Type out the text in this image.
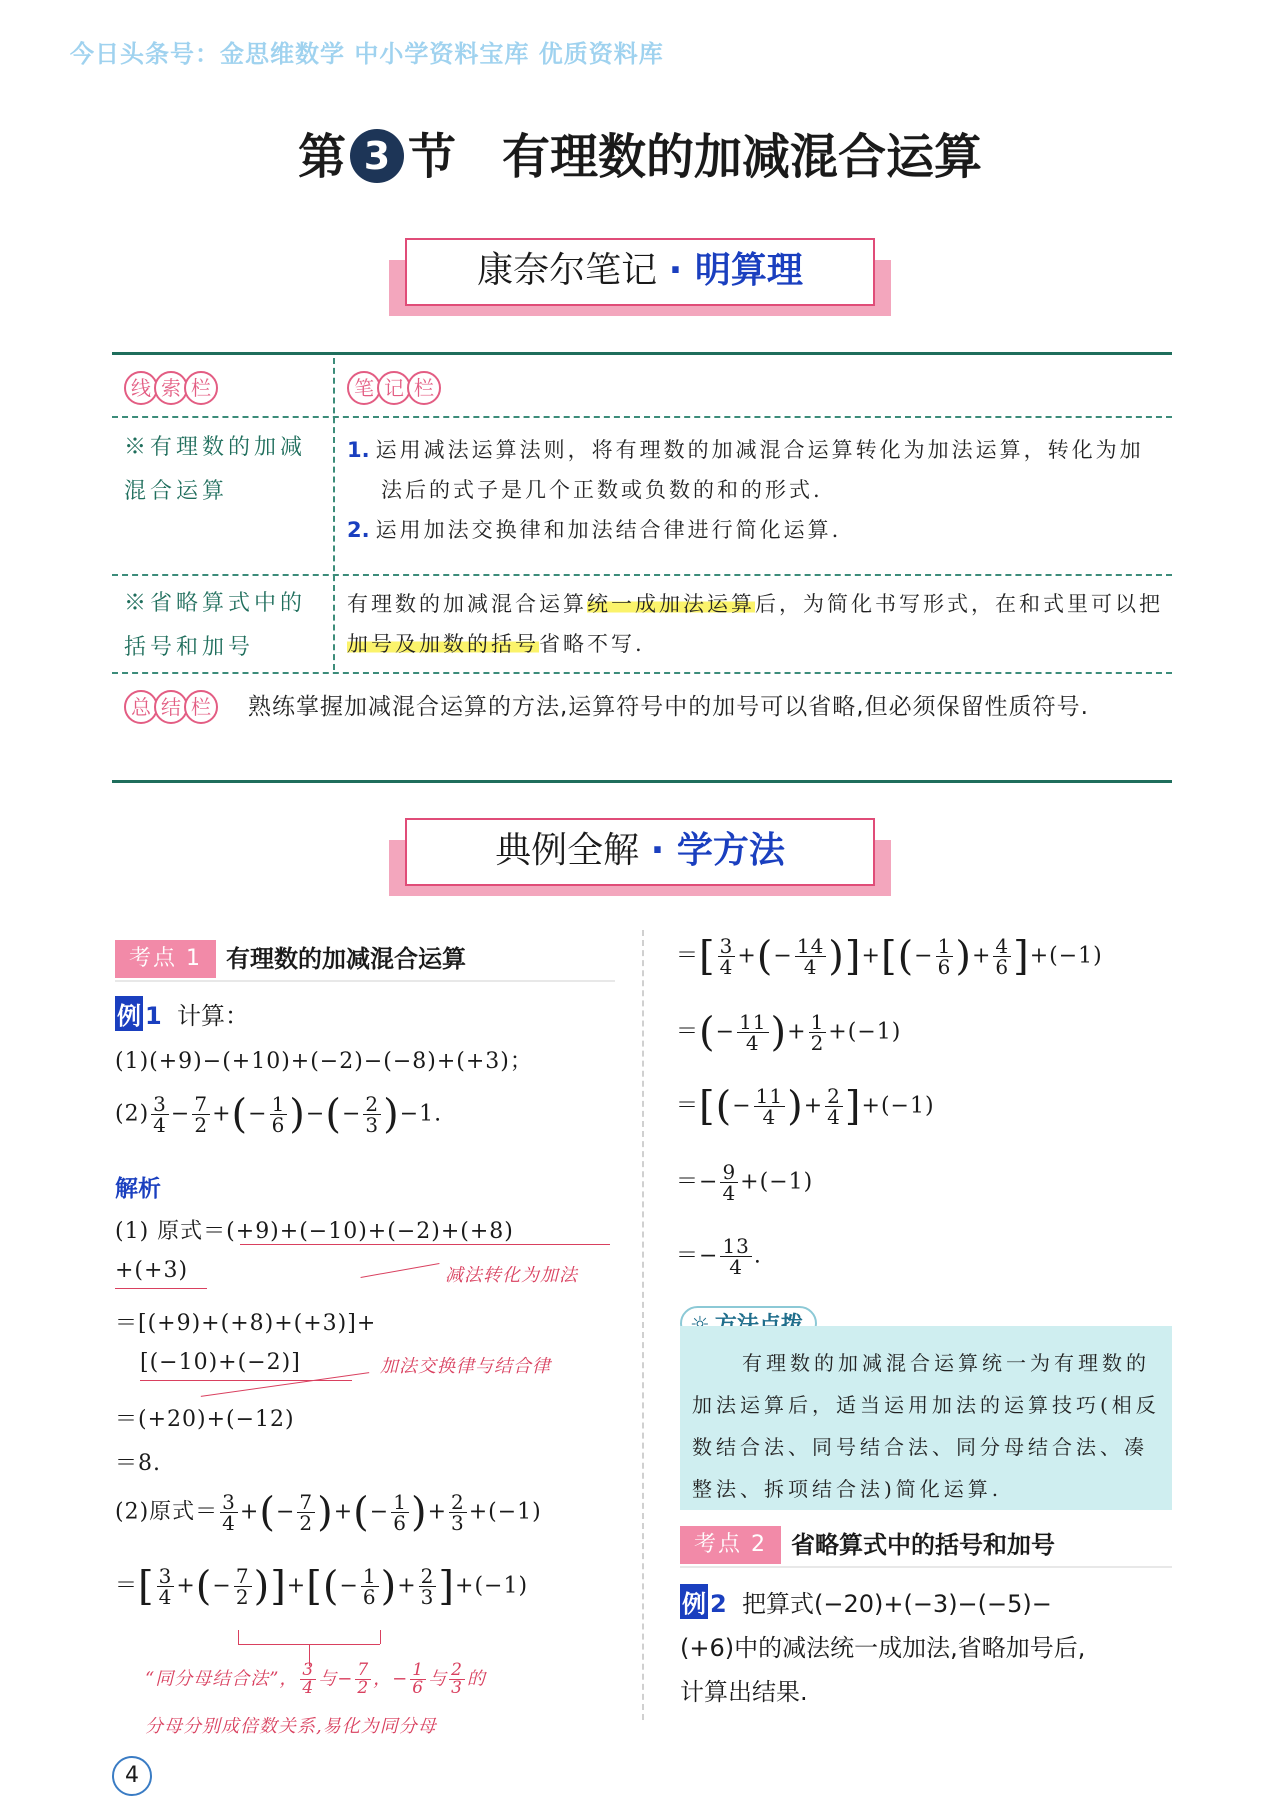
今日头条号：金思维数学 中小学资料宝库 优质资料库
第 3 节 有理数的加减混合运算
康奈尔笔记 · 明算理
线 索 栏	笔 记 栏
※有理数的加减混合运算
1. 运用减法运算法则，将有理数的加减混合运算转化为加法运算，转化为加法后的式子是几个正数或负数的和的形式.
2. 运用加法交换律和加法结合律进行简化运算.
※省略算式中的括号和加号
有理数的加减混合运算统一成加法运算后，为简化书写形式，在和式里可以把加号及加数的括号省略不写.
熟练掌握加减混合运算的方法,运算符号中的加号可以省略,但必须保留性质符号.
总 结 栏
典例全解 · 学方法
考点 1 有理数的加减混合运算
例 1 计算：
(1)(+9)−(+10)+(−2)−(−8)+(+3)；
$(2) \frac{3}{4} - \frac{7}{2}$ +(− $\frac{1}{6}$ )−(− $\frac{2}{3} )-1$.
解析
(1) 原式＝(+9)+(−10)+(−2)+(+8)
+(+3)	减法转化为加法
＝[(+9)+(+8)+(+3)]+
[(−10)+(−2)]	加法交换律与结合律
＝(+20)+(−12)
＝8.
(2)原式＝ $\frac{3}{4}$ +(− $\frac{7}{2}$ )+(− $\frac{1}{6}$ )+ $\frac{2}{3} +(-1)$
＝[ $\frac{3}{4}$ +(− $\frac{7}{2}$ )]+[(− $\frac{1}{6}$ )+ $\frac{2}{3} ]+(-1)$
“同分母结合法”， $\frac{3}{4}$ 与− $\frac{7}{2}$ ，− $\frac{1}{6}$ 与 $\frac{2}{3}$ 的
分母分别成倍数关系,易化为同分母
＝[ $\frac{3}{4}$ +(− $\frac{14}{4}$ )]+[(− $\frac{1}{6}$ )+ $\frac{4}{6} ]+(-1)$
＝(− $\frac{11}{4}$ )+ $\frac{1}{2} +(-1)$
＝[(− $\frac{11}{4}$ )+ $\frac{2}{4} ]+(-1)$
＝− $\frac{9}{4} +(-1)$
＝− $\frac{13}{4}$ .
有理数的加减混合运算统一为有理数的加法运算后，适当运用加法的运算技巧(相反数结合法、同号结合法、同分母结合法、凑整法、拆项结合法)简化运算.
考点 2 省略算式中的括号和加号
例 2 把算式(−20)+(−3)−(−5)−
(+6)中的减法统一成加法,省略加号后,
计算出结果.
4
